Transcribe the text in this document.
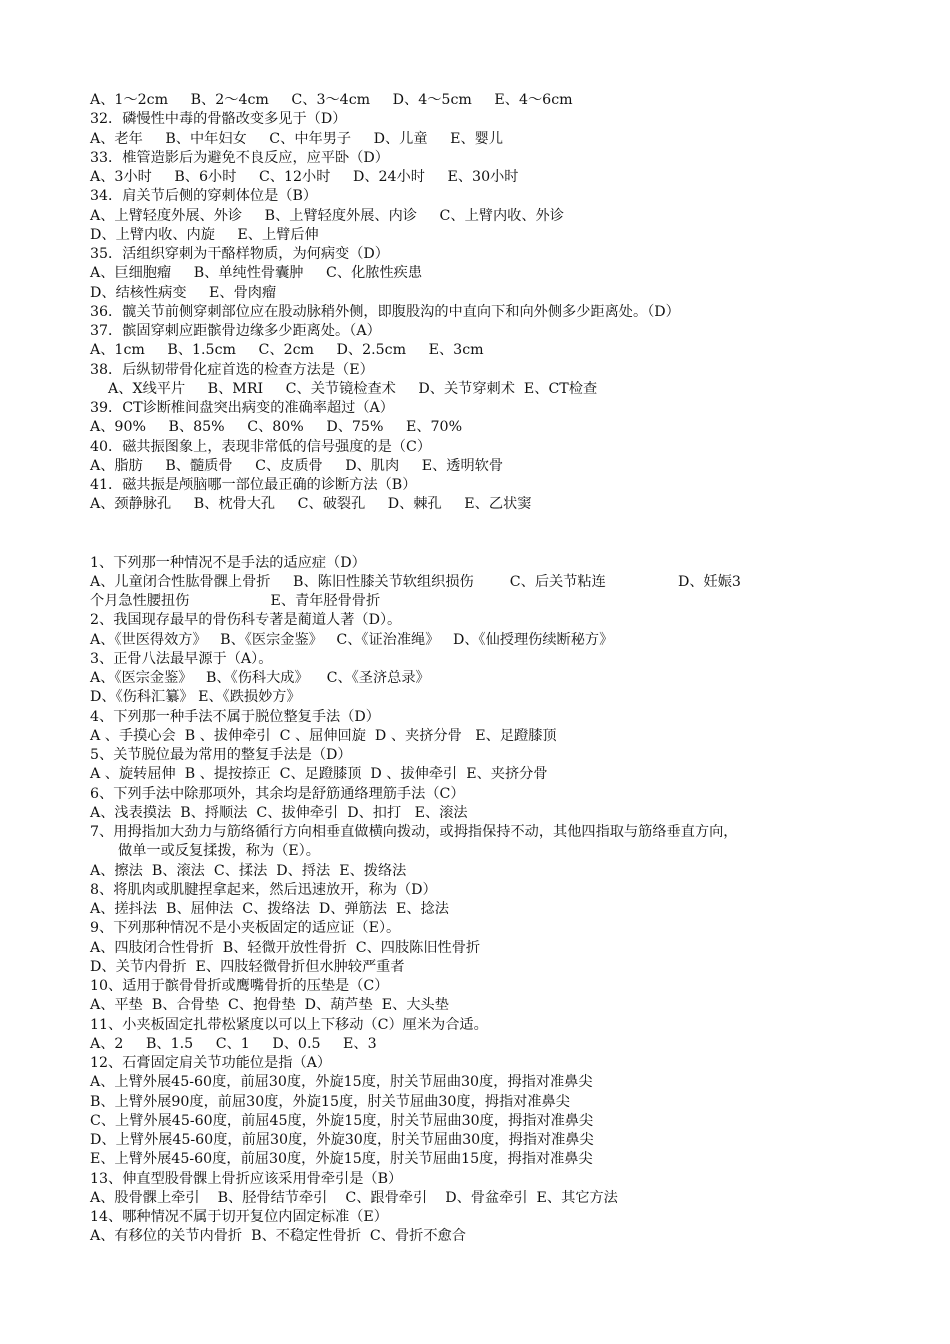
A、1～2cm     B、2～4cm     C、3～4cm     D、4～5cm     E、4～6cm
32．磷慢性中毒的骨骼改变多见于（D）
A、老年     B、中年妇女     C、中年男子     D、儿童     E、婴儿
33．椎管造影后为避免不良反应，应平卧（D）
A、3小时     B、6小时     C、12小时     D、24小时     E、30小时
34．肩关节后侧的穿刺体位是（B）
A、上臂轻度外展、外诊     B、上臂轻度外展、内诊     C、上臂内收、外诊
D、上臂内收、内旋     E、上臂后伸
35．活组织穿刺为干酪样物质，为何病变（D）
A、巨细胞瘤     B、单纯性骨囊肿     C、化脓性疾患
D、结核性病变     E、骨肉瘤
36．髋关节前侧穿刺部位应在股动脉稍外侧，即腹股沟的中直向下和向外侧多少距离处。（D）
37．髌固穿刺应距髌骨边缘多少距离处。（A）
A、1cm     B、1.5cm     C、2cm     D、2.5cm     E、3cm
38．后纵韧带骨化症首选的检查方法是（E）
A、X线平片     B、MRI     C、关节镜检查术     D、关节穿刺术  E、CT检查
39．CT诊断椎间盘突出病变的准确率超过（A）
A、90%     B、85%     C、80%     D、75%     E、70%
40．磁共振图象上，表现非常低的信号强度的是（C）
A、脂肪     B、髓质骨     C、皮质骨     D、肌肉     E、透明软骨
41．磁共振是颅脑哪一部位最正确的诊断方法（B）
A、颈静脉孔     B、枕骨大孔     C、破裂孔     D、棘孔     E、乙状窦
1、下列那一种情况不是手法的适应症（D）
A、儿童闭合性肱骨髁上骨折     B、陈旧性膝关节软组织损伤        C、后关节粘连                D、妊娠3
个月急性腰扭伤                  E、青年胫骨骨折
2、我国现存最早的骨伤科专著是蔺道人著（D）。
A、《世医得效方》   B、《医宗金鉴》   C、《证治准绳》   D、《仙授理伤续断秘方》
3、正骨八法最早源于（A）。
A、《医宗金鉴》   B、《伤科大成》    C、《圣济总录》
D、《伤科汇纂》 E、《跌损妙方》
4、下列那一种手法不属于脱位整复手法（D）
A 、手摸心会  B 、拔伸牵引  C 、屈伸回旋  D 、夹挤分骨   E、足蹬膝顶
5、关节脱位最为常用的整复手法是（D）
A 、旋转屈伸  B 、提按捺正  C、足蹬膝顶  D 、拔伸牵引  E、夹挤分骨
6、下列手法中除那项外，其余均是舒筋通络理筋手法（C）
A、浅表摸法  B、捋顺法  C、拔伸牵引  D、扣打   E、滚法
7、用拇指加大劲力与筋络循行方向相垂直做横向拨动，或拇指保持不动，其他四指取与筋络垂直方向，
做单一或反复揉拨，称为（E）。
A、擦法  B、滚法  C、揉法  D、捋法  E、拨络法
8、将肌肉或肌腱捏拿起来，然后迅速放开，称为（D）
A、搓抖法  B、屈伸法  C、拨络法  D、弹筋法  E、捻法
9、下列那种情况不是小夹板固定的适应证（E）。
A、四肢闭合性骨折  B、轻微开放性骨折  C、四肢陈旧性骨折
D、关节内骨折  E、四肢轻微骨折但水肿较严重者
10、适用于髌骨骨折或鹰嘴骨折的压垫是（C）
A、平垫  B、合骨垫  C、抱骨垫  D、葫芦垫  E、大头垫
11、小夹板固定扎带松紧度以可以上下移动（C）厘米为合适。
A、2     B、1.5     C、1     D、0.5     E、3
12、石膏固定肩关节功能位是指（A）
A、上臂外展45-60度，前屈30度，外旋15度，肘关节屈曲30度，拇指对准鼻尖
B、上臂外展90度，前屈30度，外旋15度，肘关节屈曲30度，拇指对准鼻尖
C、上臂外展45-60度，前屈45度，外旋15度，肘关节屈曲30度，拇指对准鼻尖
D、上臂外展45-60度，前屈30度，外旋30度，肘关节屈曲30度，拇指对准鼻尖
E、上臂外展45-60度，前屈30度，外旋15度，肘关节屈曲15度，拇指对准鼻尖
13、伸直型股骨髁上骨折应该采用骨牵引是（B）
A、股骨髁上牵引    B、胫骨结节牵引    C、跟骨牵引    D、骨盆牵引  E、其它方法
14、哪种情况不属于切开复位内固定标准（E）
A、有移位的关节内骨折  B、不稳定性骨折  C、骨折不愈合
